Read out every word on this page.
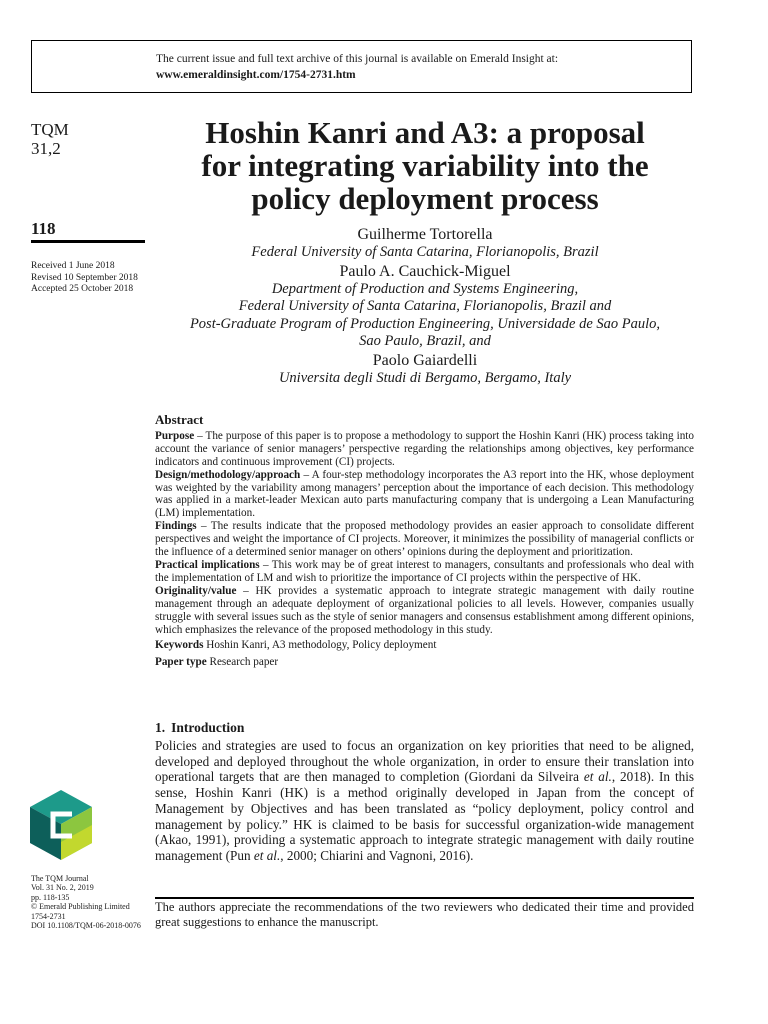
The current issue and full text archive of this journal is available on Emerald Insight at:
www.emeraldinsight.com/1754-2731.htm
TQM
31,2
118
Received 1 June 2018
Revised 10 September 2018
Accepted 25 October 2018
Hoshin Kanri and A3: a proposal
for integrating variability into the
policy deployment process
Guilherme Tortorella
Federal University of Santa Catarina, Florianopolis, Brazil
Paulo A. Cauchick-Miguel
Department of Production and Systems Engineering,
Federal University of Santa Catarina, Florianopolis, Brazil and
Post-Graduate Program of Production Engineering, Universidade de Sao Paulo,
Sao Paulo, Brazil, and
Paolo Gaiardelli
Universita degli Studi di Bergamo, Bergamo, Italy
Abstract
Purpose – The purpose of this paper is to propose a methodology to support the Hoshin Kanri (HK) process taking into account the variance of senior managers’ perspective regarding the relationships among objectives, key performance indicators and continuous improvement (CI) projects.
Design/methodology/approach – A four-step methodology incorporates the A3 report into the HK, whose deployment was weighted by the variability among managers’ perception about the importance of each decision. This methodology was applied in a market-leader Mexican auto parts manufacturing company that is undergoing a Lean Manufacturing (LM) implementation.
Findings – The results indicate that the proposed methodology provides an easier approach to consolidate different perspectives and weight the importance of CI projects. Moreover, it minimizes the possibility of managerial conflicts or the influence of a determined senior manager on others’ opinions during the deployment and prioritization.
Practical implications – This work may be of great interest to managers, consultants and professionals who deal with the implementation of LM and wish to prioritize the importance of CI projects within the perspective of HK.
Originality/value – HK provides a systematic approach to integrate strategic management with daily routine management through an adequate deployment of organizational policies to all levels. However, companies usually struggle with several issues such as the style of senior managers and consensus establishment among different opinions, which emphasizes the relevance of the proposed methodology in this study.
Keywords Hoshin Kanri, A3 methodology, Policy deployment
Paper type Research paper
1. Introduction
Policies and strategies are used to focus an organization on key priorities that need to be aligned, developed and deployed throughout the whole organization, in order to ensure their translation into operational targets that are then managed to completion (Giordani da Silveira et al., 2018). In this sense, Hoshin Kanri (HK) is a method originally developed in Japan from the concept of Management by Objectives and has been translated as “policy deployment, policy control and management by policy.” HK is claimed to be basis for successful organization-wide management (Akao, 1991), providing a systematic approach to integrate strategic management with daily routine management (Pun et al., 2000; Chiarini and Vagnoni, 2016).
The TQM Journal
Vol. 31 No. 2, 2019
pp. 118-135
© Emerald Publishing Limited
1754-2731
DOI 10.1108/TQM-06-2018-0076
The authors appreciate the recommendations of the two reviewers who dedicated their time and provided great suggestions to enhance the manuscript.
